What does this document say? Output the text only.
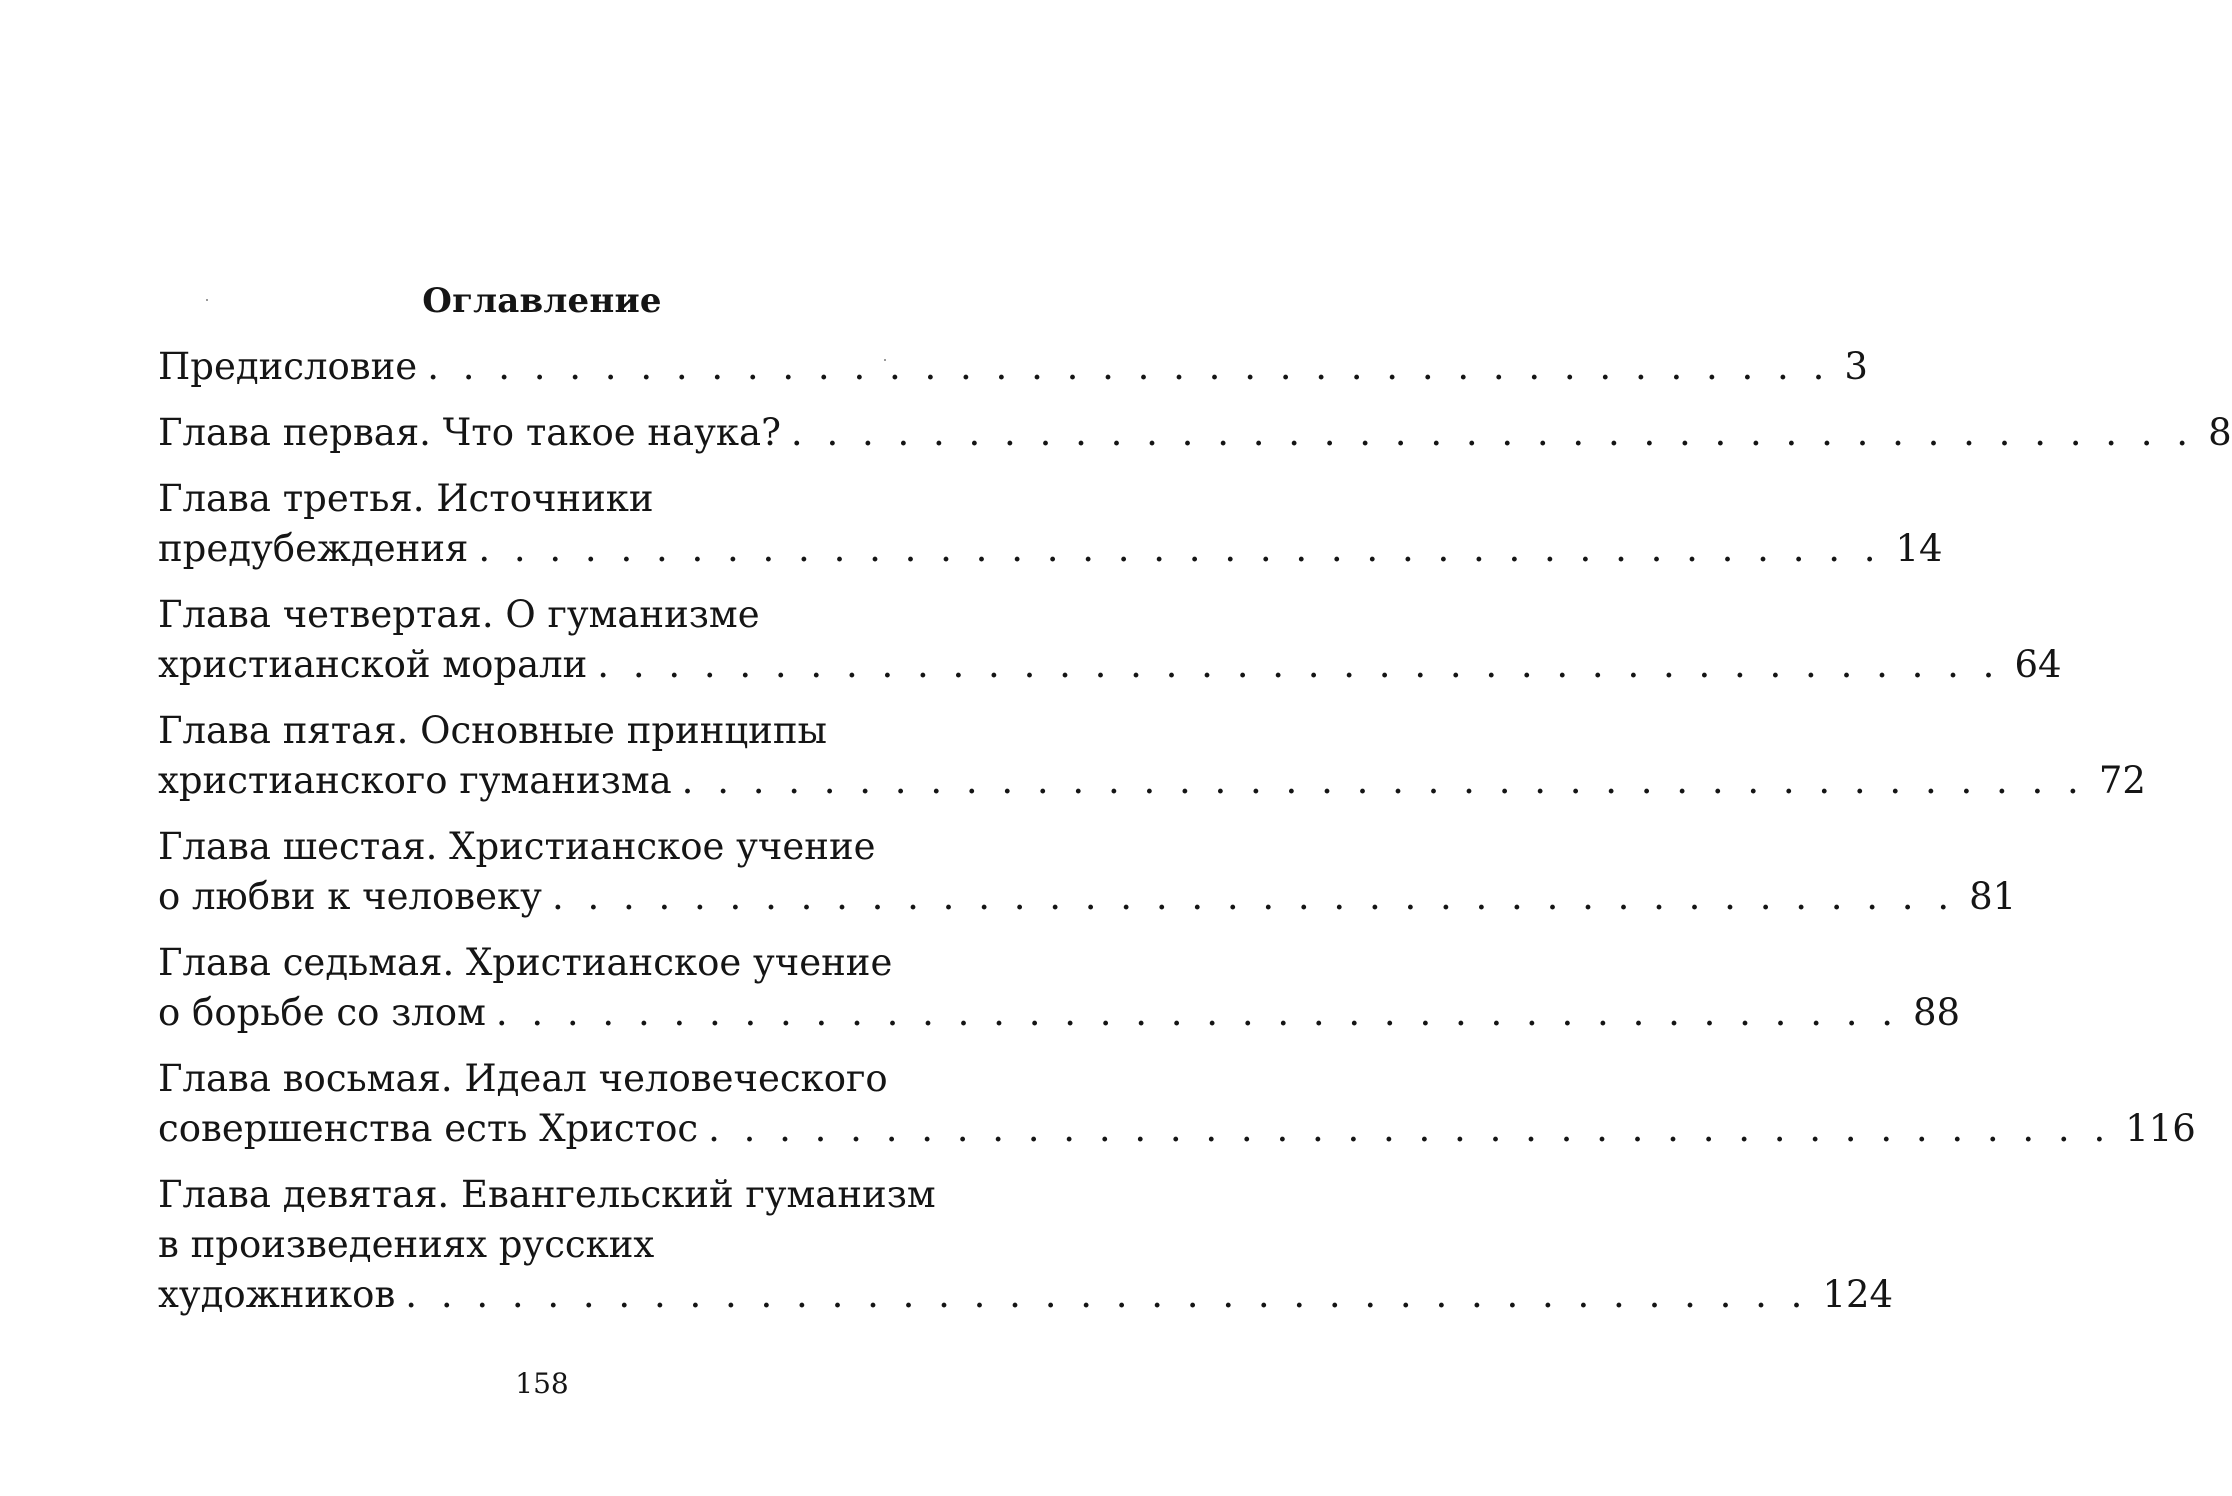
Оглавление
Предисловие . . . . . . . . . . . . . . . . . . . . . . . . . . . . . . . . . . . . . . . . 3
Глава первая. Что такое наука? . . . . . . . . . . . . . . . . . . . . . . . . . . . . . . . . . . . . . . . . 8
Глава третья. Источники
предубеждения . . . . . . . . . . . . . . . . . . . . . . . . . . . . . . . . . . . . . . . . 14
Глава четвертая. О гуманизме
христианской морали . . . . . . . . . . . . . . . . . . . . . . . . . . . . . . . . . . . . . . . . 64
Глава пятая. Основные принципы
христианского гуманизма . . . . . . . . . . . . . . . . . . . . . . . . . . . . . . . . . . . . . . . . 72
Глава шестая. Христианское учение
о любви к человеку . . . . . . . . . . . . . . . . . . . . . . . . . . . . . . . . . . . . . . . . 81
Глава седьмая. Христианское учение
о борьбе со злом . . . . . . . . . . . . . . . . . . . . . . . . . . . . . . . . . . . . . . . . 88
Глава восьмая. Идеал человеческого
совершенства есть Христос . . . . . . . . . . . . . . . . . . . . . . . . . . . . . . . . . . . . . . . . 116
Глава девятая. Евангельский гуманизм
в произведениях русских
художников . . . . . . . . . . . . . . . . . . . . . . . . . . . . . . . . . . . . . . . . 124
158
